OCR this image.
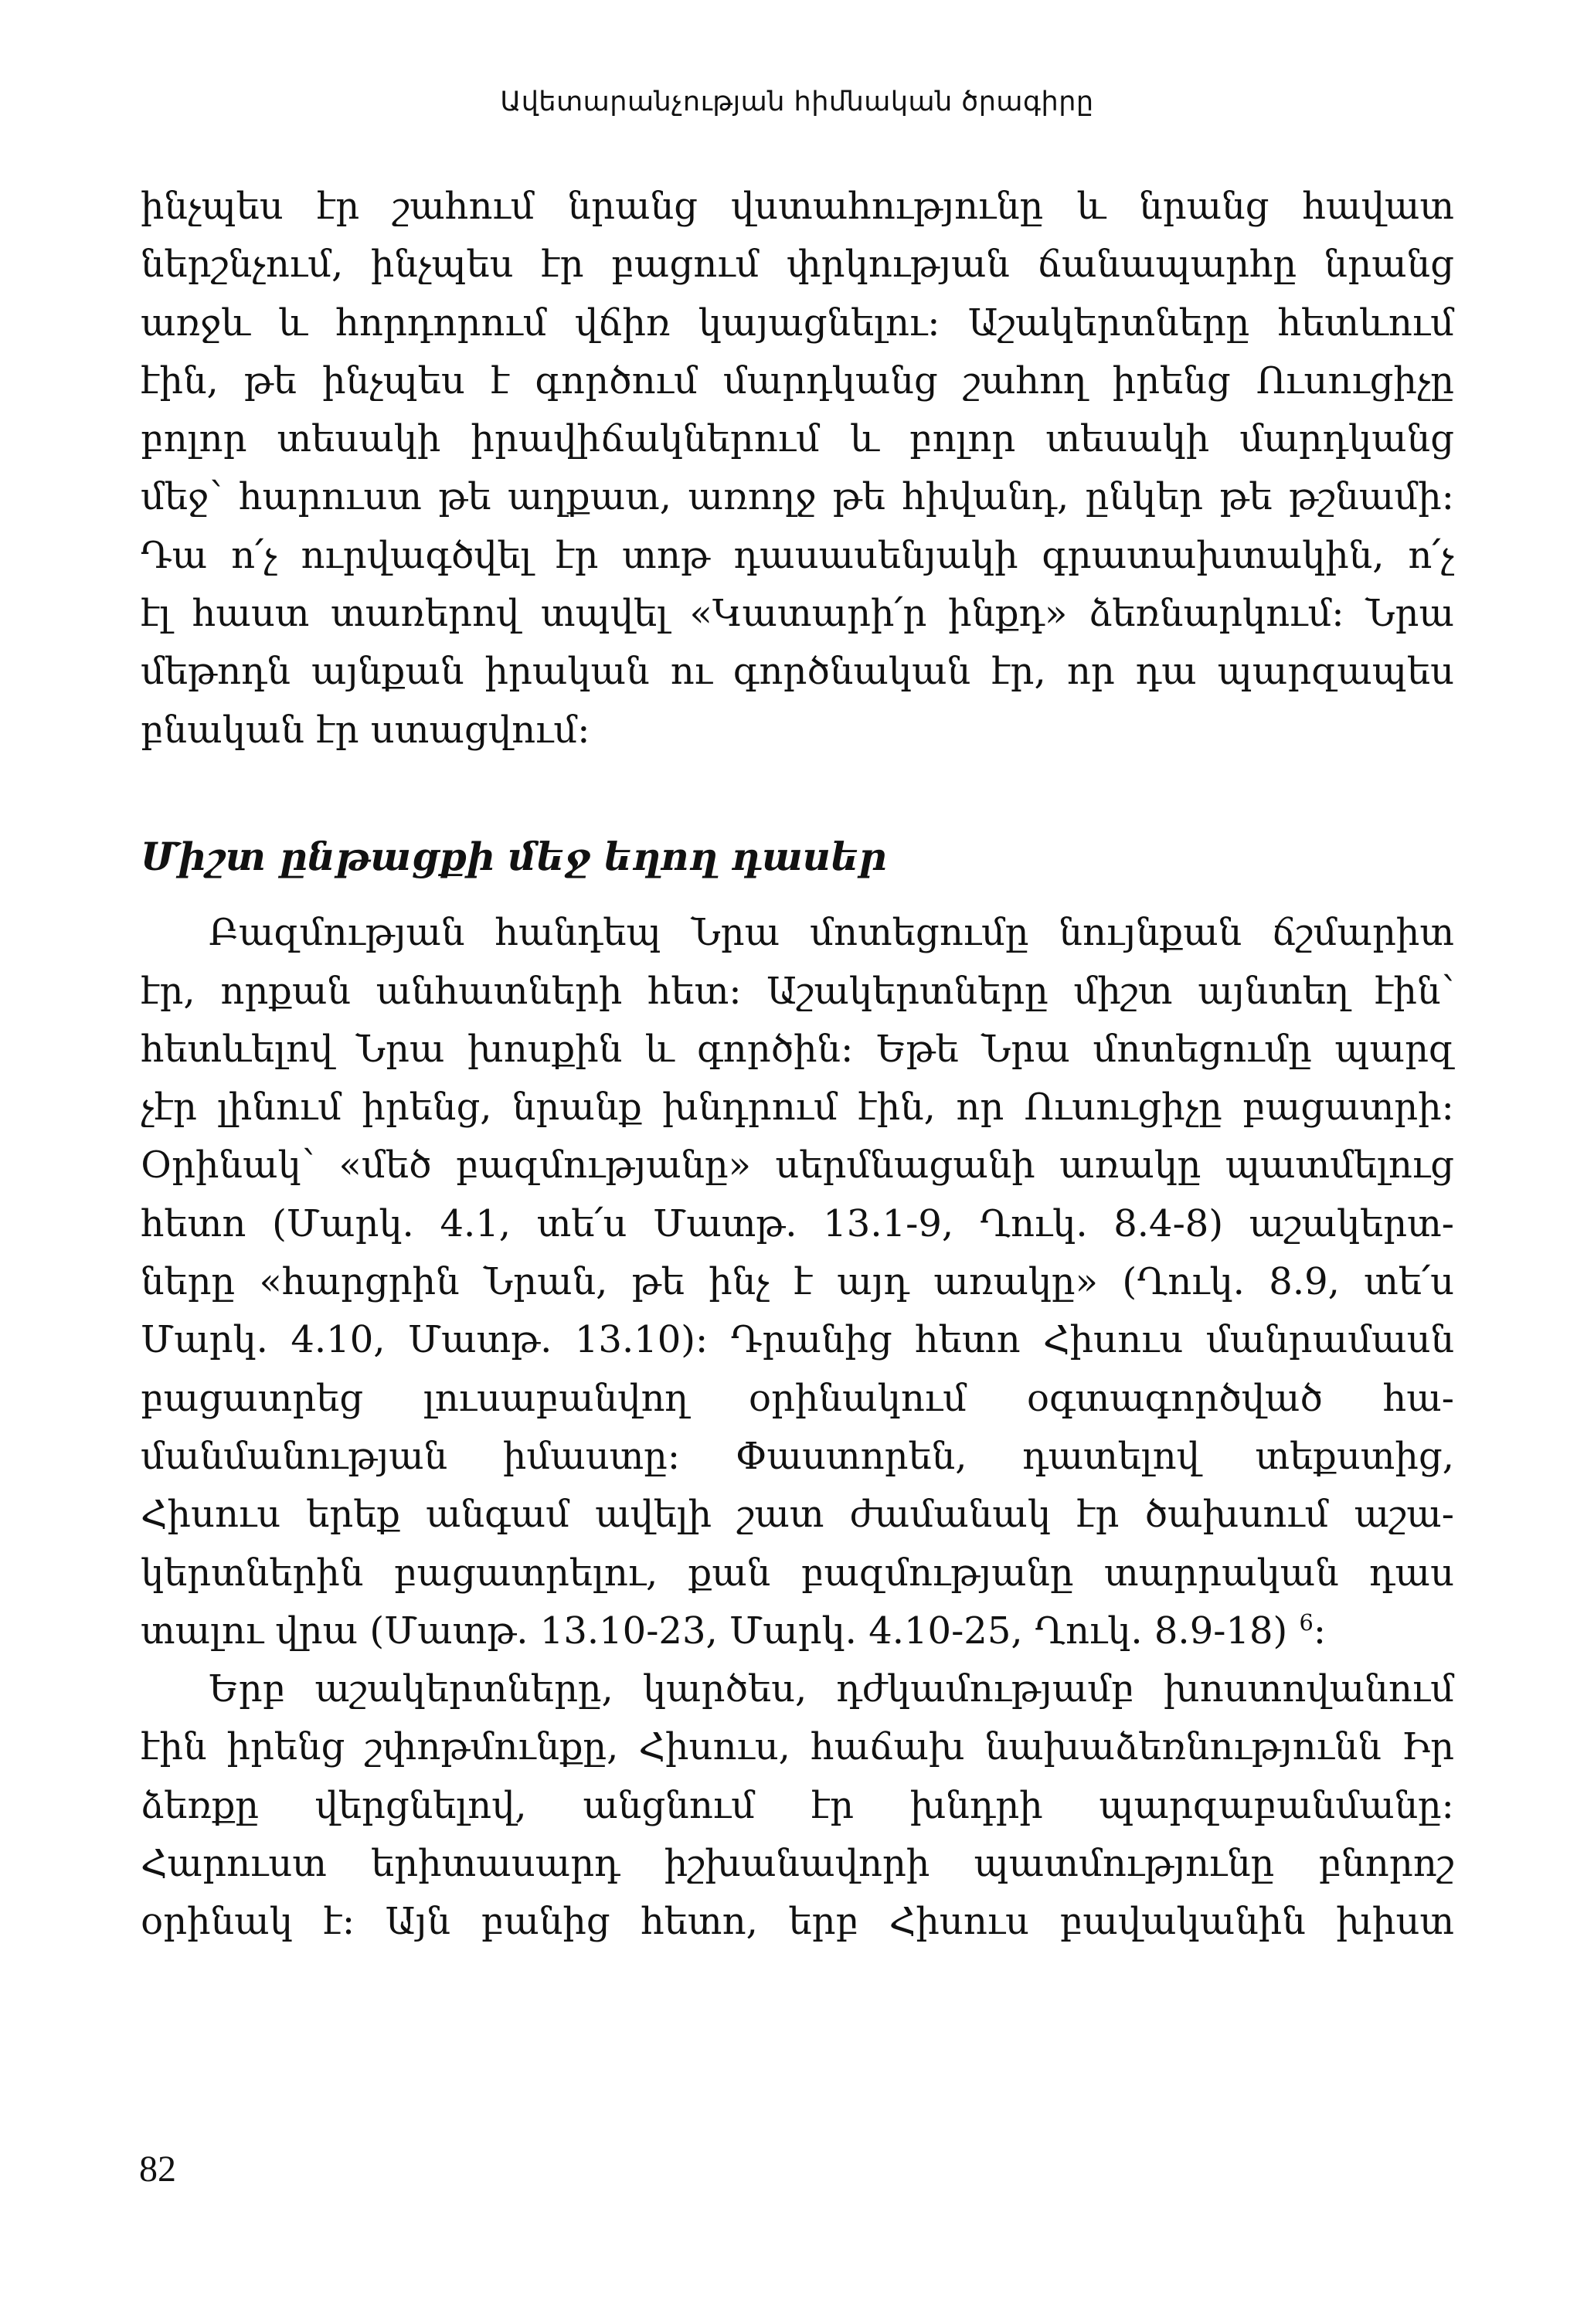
Ավետարանչության հիմնական ծրագիրը
ինչպես էր շահում նրանց վստահությունը և նրանց հավատ
ներշնչում, ինչպես էր բացում փրկության ճանապարհը նրանց
առջև և հորդորում վճիռ կայացնելու։ Աշակերտները հետևում
էին, թե ինչպես է գործում մարդկանց շահող իրենց Ուսուցիչը
բոլոր տեսակի իրավիճակներում և բոլոր տեսակի մարդկանց
մեջ՝ հարուստ թե աղքատ, առողջ թե հիվանդ, ընկեր թե թշնամի։
Դա ո՛չ ուրվագծվել էր տոթ դասասենյակի գրատախտակին, ո՛չ
էլ հաստ տառերով տպվել «Կատարի՛ր ինքդ» ձեռնարկում։ Նրա
մեթոդն այնքան իրական ու գործնական էր, որ դա պարզապես
բնական էր ստացվում։
Միշտ ընթացքի մեջ եղող դասեր
Բազմության հանդեպ Նրա մոտեցումը նույնքան ճշմարիտ
էր, որքան անհատների հետ։ Աշակերտները միշտ այնտեղ էին՝
հետևելով Նրա խոսքին և գործին։ Եթե Նրա մոտեցումը պարզ
չէր լինում իրենց, նրանք խնդրում էին, որ Ուսուցիչը բացատրի։
Օրինակ՝ «մեծ բազմությանը» սերմնացանի առակը պատմելուց
հետո (Մարկ. 4.1, տե՛ս Մատթ. 13.1-9, Ղուկ. 8.4-8) աշակերտ-
ները «հարցրին Նրան, թե ինչ է այդ առակը» (Ղուկ. 8.9, տե՛ս
Մարկ. 4.10, Մատթ. 13.10)։ Դրանից հետո Հիսուս մանրամասն
բացատրեց լուսաբանվող օրինակում օգտագործված հա-
մանմանության իմաստը։ Փաստորեն, դատելով տեքստից,
Հիսուս երեք անգամ ավելի շատ ժամանակ էր ծախսում աշա-
կերտներին բացատրելու, քան բազմությանը տարրական դաս
տալու վրա (Մատթ. 13.10-23, Մարկ. 4.10-25, Ղուկ. 8.9-18) $^6$։
Երբ աշակերտները, կարծես, դժկամությամբ խոստովանում
էին իրենց շփոթմունքը, Հիսուս, հաճախ նախաձեռնությունն Իր
ձեռքը վերցնելով, անցնում էր խնդրի պարզաբանմանը։
Հարուստ երիտասարդ իշխանավորի պատմությունը բնորոշ
օրինակ է։ Այն բանից հետո, երբ Հիսուս բավականին խիստ
82
